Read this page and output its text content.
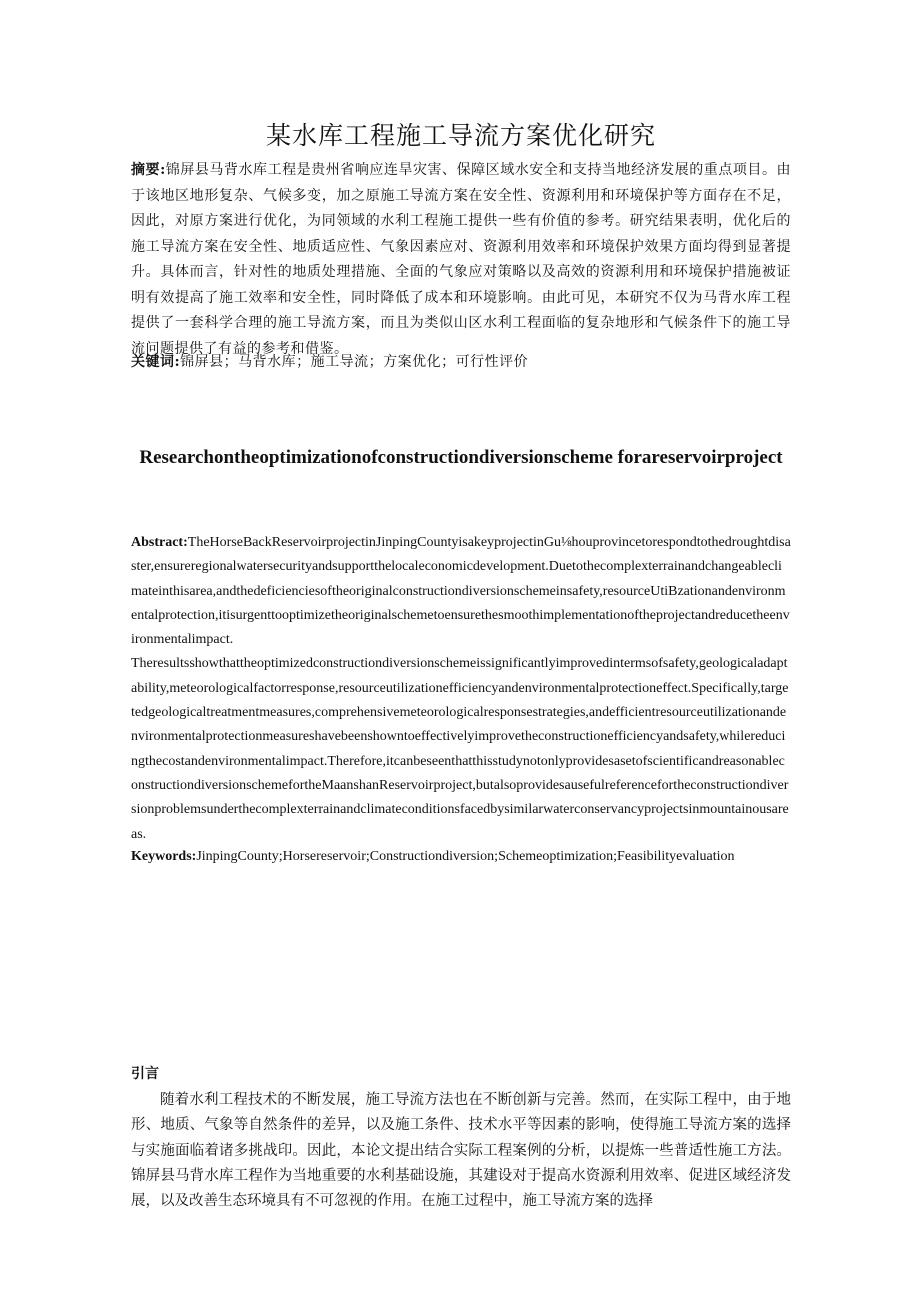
某水库工程施工导流方案优化研究
摘要:锦屏县马背水库工程是贵州省响应连旱灾害、保障区域水安全和支持当地经济发展的重点项目。由于该地区地形复杂、气候多变，加之原施工导流方案在安全性、资源利用和环境保护等方面存在不足，因此，对原方案进行优化，为同领域的水利工程施工提供一些有价值的参考。研究结果表明，优化后的施工导流方案在安全性、地质适应性、气象因素应对、资源利用效率和环境保护效果方面均得到显著提升。具体而言，针对性的地质处理措施、全面的气象应对策略以及高效的资源利用和环境保护措施被证明有效提高了施工效率和安全性，同时降低了成本和环境影响。由此可见，本研究不仅为马背水库工程提供了一套科学合理的施工导流方案，而且为类似山区水利工程面临的复杂地形和气候条件下的施工导流问题提供了有益的参考和借鉴。
关键词:锦屏县；马背水库；施工导流；方案优化；可行性评价
Researchontheoptimizationofconstructiondiversionscheme forareservoirproject

Abstract:TheHorseBackReservoirprojectinJinpingCountyisakeyprojectinGu⅛houprovincetorespondtothedroughtdisaster,ensureregionalwatersecurityandsupportthelocaleconomicdevelopment.Duetothecomplexterrainandchangeableclimateinthisarea,andthedeficienciesoftheoriginalconstructiondiversionschemeinsafety,resourceUtiBzationandenvironmentalprotection,itisurgenttooptimizetheoriginalschemetoensurethesmoothimplementationoftheprojectandreducetheenvironmentalimpact.

Theresultsshowthattheoptimizedconstructiondiversionschemeissignificantlyimprovedintermsofsafety,geologicaladaptability,meteorologicalfactorresponse,resourceutilizationefficiencyandenvironmentalprotectioneffect.Specifically,targetedgeologicaltreatmentmeasures,comprehensivemeteorologicalresponsestrategies,andefficientresourceutilizationandenvironmentalprotectionmeasureshavebeenshowntoeffectivelyimprovetheconstructionefficiencyandsafety,whilereducingthecostandenvironmentalimpact.Therefore,itcanbeseenthatthisstudynotonlyprovidesasetofscientificandreasonableconstructiondiversionschemefortheMaanshanReservoirproject,butalsoprovidesausefulreferencefortheconstructiondiversionproblemsunderthecomplexterrainandclimateconditionsfacedbysimilarwaterconservancyprojectsinmountainousareas.

Keywords:JinpingCounty;Horsereservoir;Constructiondiversion;Schemeoptimization;Feasibilityevaluation
引言
随着水利工程技术的不断发展，施工导流方法也在不断创新与完善。然而，在实际工程中，由于地形、地质、气象等自然条件的差异，以及施工条件、技术水平等因素的影响，使得施工导流方案的选择与实施面临着诸多挑战印。因此，本论文提出结合实际工程案例的分析，以提炼一些普适性施工方法。锦屏县马背水库工程作为当地重要的水利基础设施，其建设对于提高水资源利用效率、促进区域经济发展，以及改善生态环境具有不可忽视的作用。在施工过程中，施工导流方案的选择
